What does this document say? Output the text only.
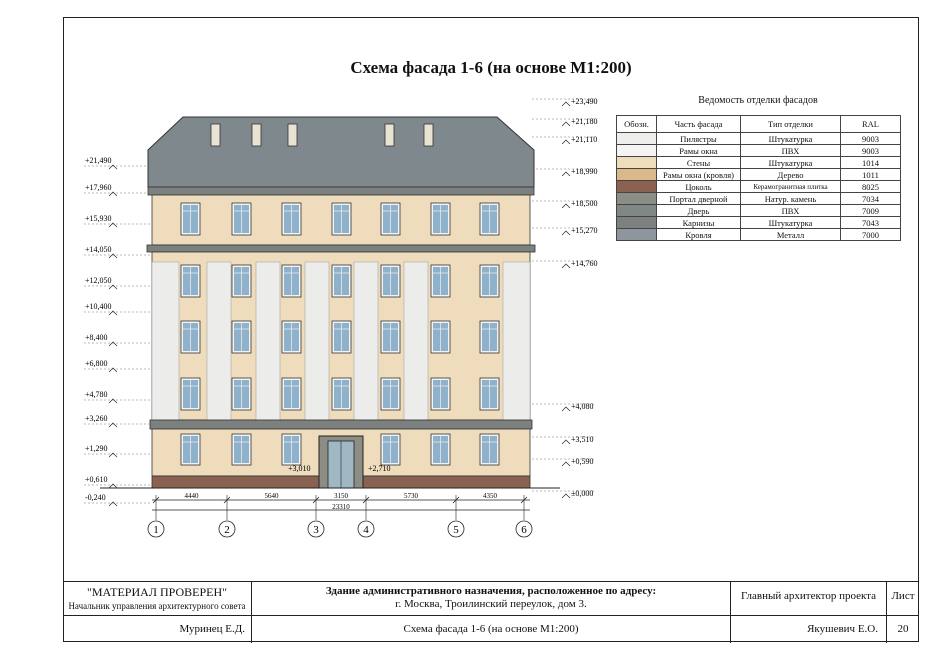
Схема фасада 1-6 (на основе М1:200)
+21,490
+17,960
+15,930
+14,050
+12,050
+10,400
+8,400
+6,800
+4,780
+3,260
+1,290
+0,610
-0,240
+23,490
+21,180
+21,110
+18,990
+18,500
+15,270
+14,760
+4,080
+3,510
+0,590
±0,000
+3,010	+2,710
4440	5640	3150	5730	4350
23310
1	2	3	4	5	6
Ведомость отделки фасадов
Обозн.	Часть фасада	Тип отделки	RAL
	Пилястры	Штукатурка	9003
	Рамы окна	ПВХ	9003
	Стены	Штукатурка	1014
	Рамы окна (кровля)	Дерево	1011
	Цоколь	Керамогранитная плитка	8025
	Портал дверной	Натур. камень	7034
	Дверь	ПВХ	7009
	Карнизы	Штукатурка	7043
	Кровля	Металл	7000
"МАТЕРИАЛ ПРОВЕРЕН"
Начальник управления архитектурного совета
Муринец Е.Д.
Здание административного назначения, расположенное по адресу:
г. Москва, Троилинский переулок, дом 3.
Схема фасада 1-6 (на основе М1:200)
Главный архитектор проекта
Якушевич Е.О.
Лист
20
